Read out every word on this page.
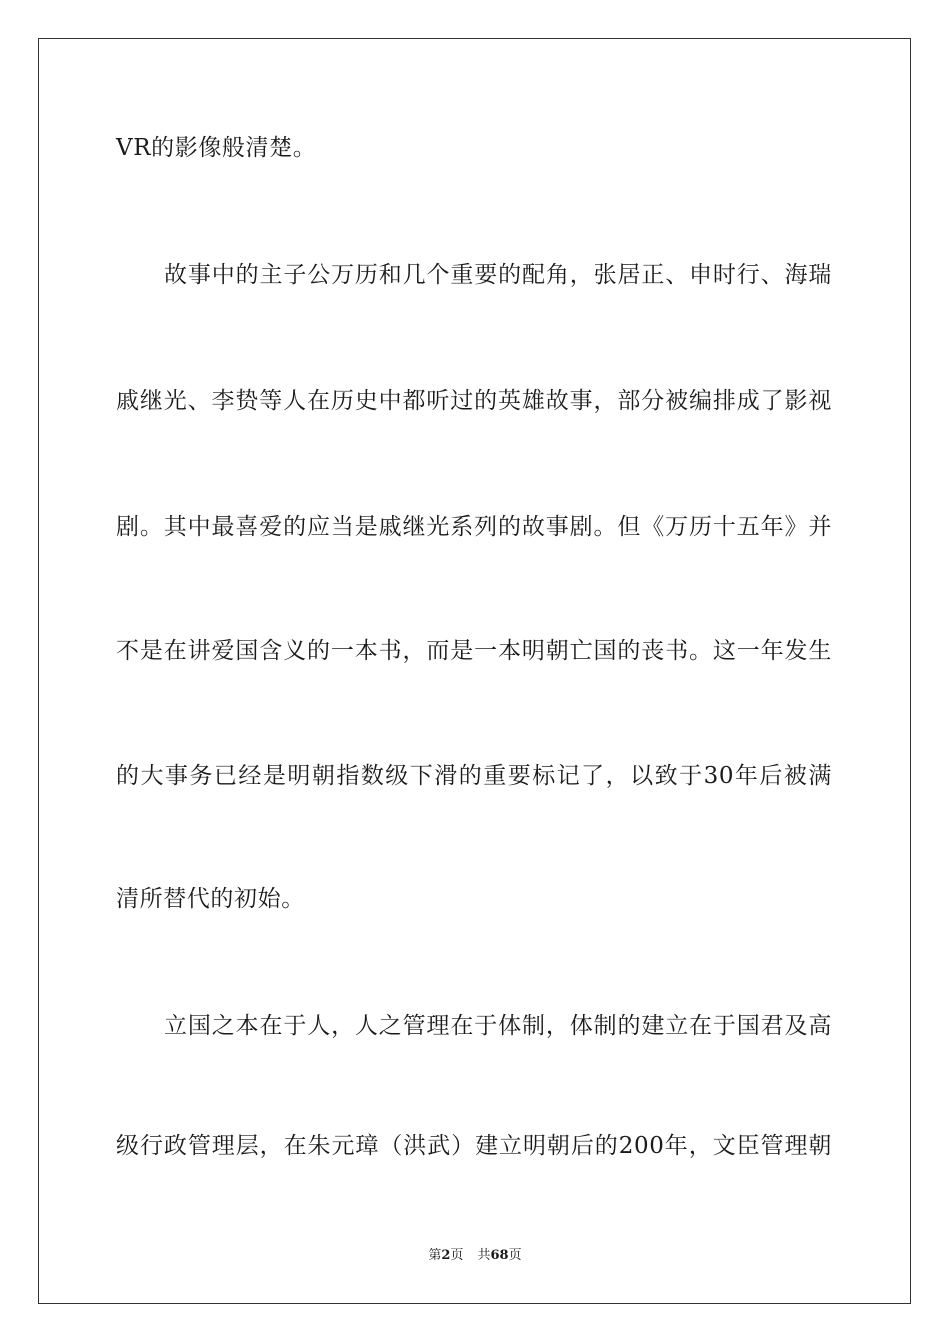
VR的影像般清楚。
故事中的主子公万历和几个重要的配角，张居正、申时行、海瑞
戚继光、李贽等人在历史中都听过的英雄故事，部分被编排成了影视
剧。其中最喜爱的应当是戚继光系列的故事剧。但《万历十五年》并
不是在讲爱国含义的一本书，而是一本明朝亡国的丧书。这一年发生
的大事务已经是明朝指数级下滑的重要标记了，以致于30年后被满
清所替代的初始。
立国之本在于人，人之管理在于体制，体制的建立在于国君及高
级行政管理层，在朱元璋（洪武）建立明朝后的200年，文臣管理朝
第2页 共68页
